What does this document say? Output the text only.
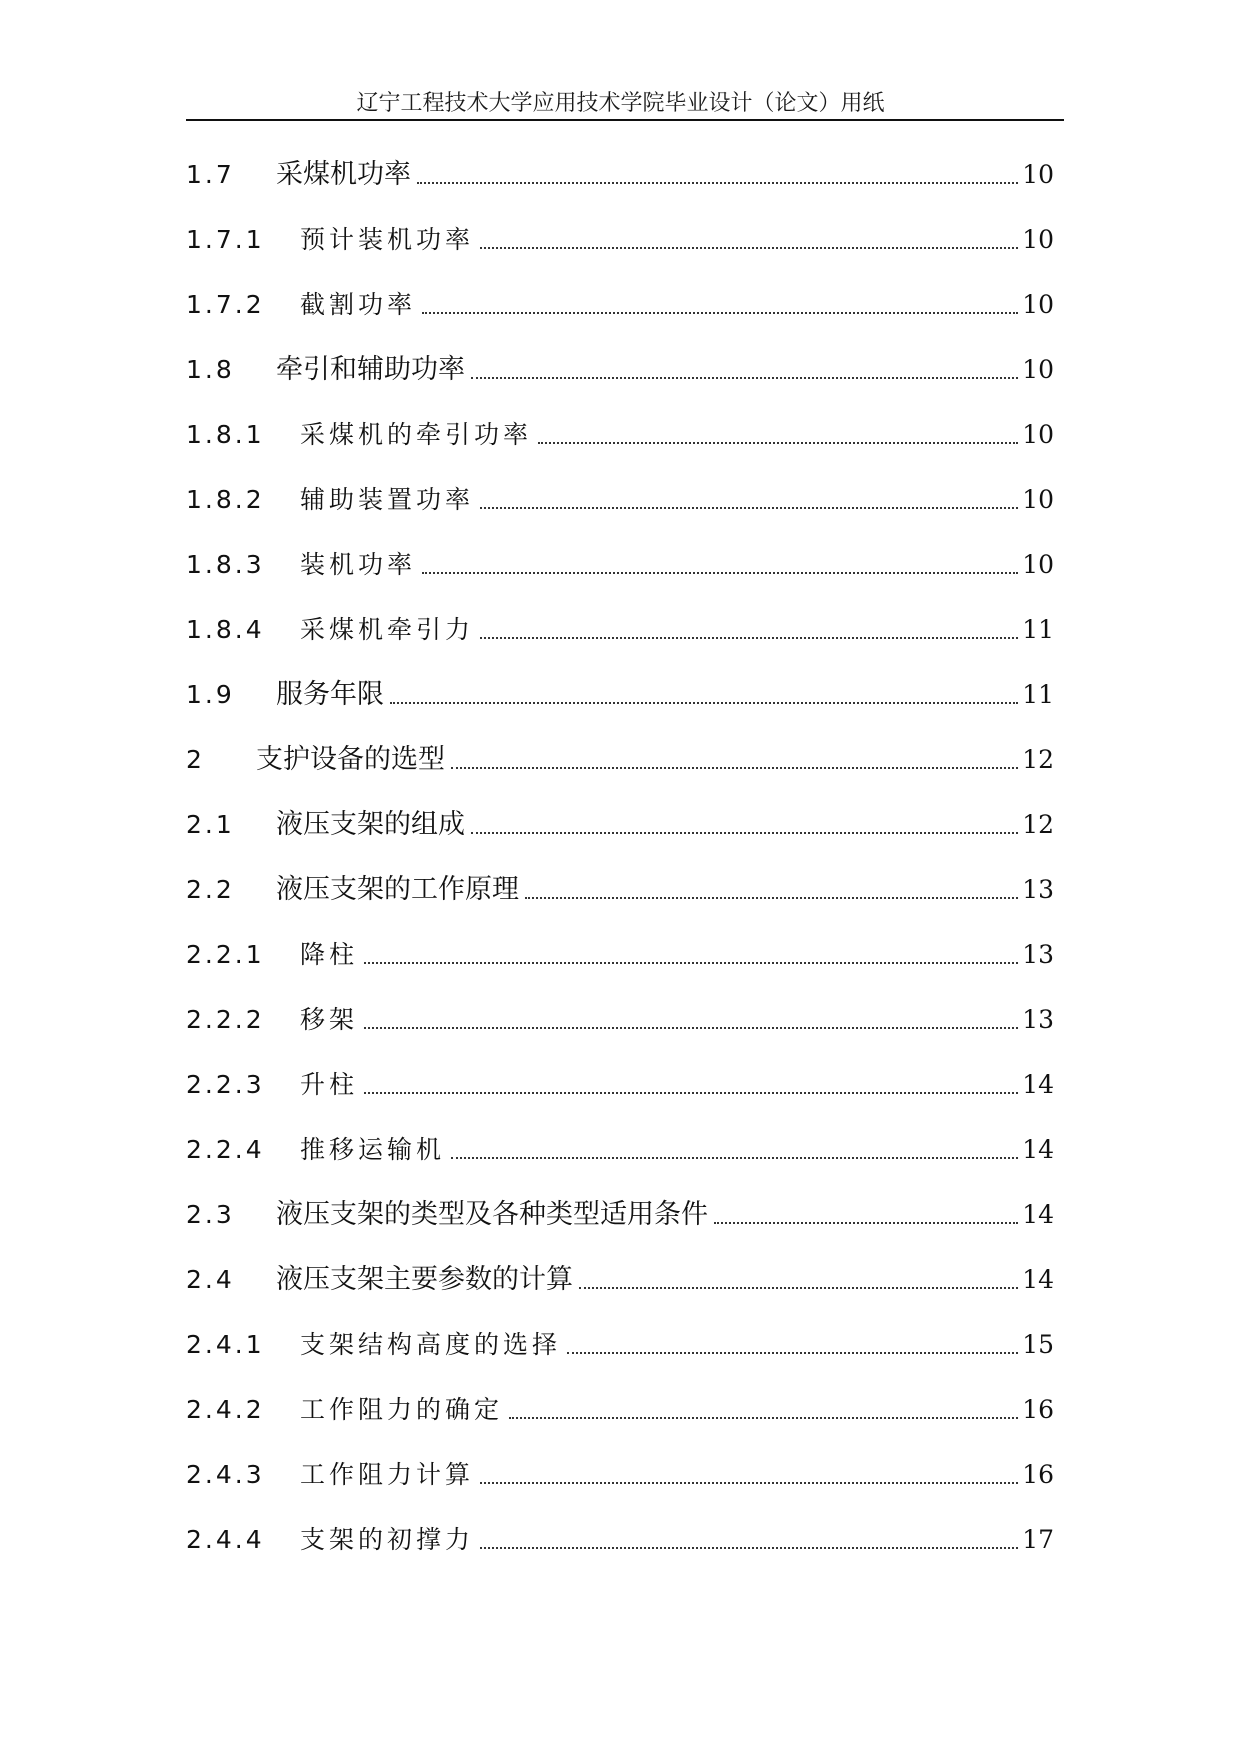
辽宁工程技术大学应用技术学院毕业设计（论文）用纸
1.7	采煤机功率	10
1.7.1	预计装机功率	10
1.7.2	截割功率	10
1.8	牵引和辅助功率	10
1.8.1	采煤机的牵引功率	10
1.8.2	辅助装置功率	10
1.8.3	装机功率	10
1.8.4	采煤机牵引力	11
1.9	服务年限	11
2	支护设备的选型	12
2.1	液压支架的组成	12
2.2	液压支架的工作原理	13
2.2.1	降柱	13
2.2.2	移架	13
2.2.3	升柱	14
2.2.4	推移运输机	14
2.3	液压支架的类型及各种类型适用条件	14
2.4	液压支架主要参数的计算	14
2.4.1	支架结构高度的选择	15
2.4.2	工作阻力的确定	16
2.4.3	工作阻力计算	16
2.4.4	支架的初撑力	17
